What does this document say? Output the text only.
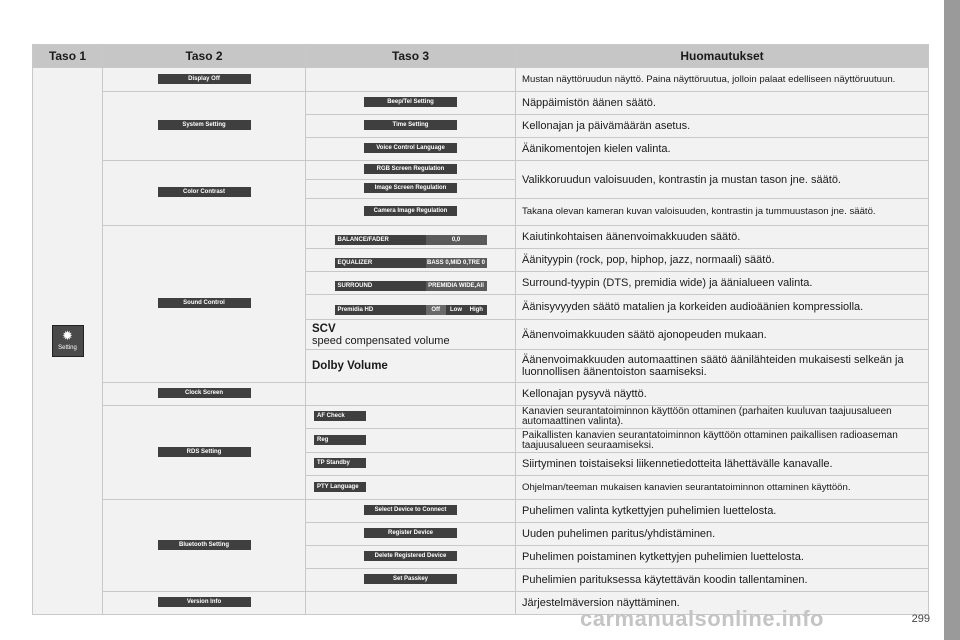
Taso 1	Taso 2	Taso 3	Huomautukset

✹
Setting	Display Off		Mustan näyttöruudun näyttö. Paina näyttöruutua, jolloin palaat edelliseen näyttöruutuun.
	System Setting	Beep/Tel Setting	Näppäimistön äänen säätö.
		Time Setting	Kellonajan ja päivämäärän asetus.
		Voice Control Language	Äänikomentojen kielen valinta.
	Color Contrast	RGB Screen Regulation	Valikkoruudun valoisuuden, kontrastin ja mustan tason jne. säätö.
		Image Screen Regulation	
		Camera Image Regulation	Takana olevan kameran kuvan valoisuuden, kontrastin ja tummuustason jne. säätö.
	Sound Control	BALANCE/FADER 0,0	Kaiutinkohtaisen äänenvoimakkuuden säätö.

		EQUALIZER BASS 0,MID 0,TRE 0	Äänityypin (rock, pop, hiphop, jazz, normaali) säätö.

		SURROUND PREMIDIA WIDE,All	Surround-tyypin (DTS, premidia wide) ja äänialueen valinta.

		Premidia HD Off Low High	Äänisyvyyden säätö matalien ja korkeiden audioäänien kompressiolla.
		SCV
speed compensated volume	Äänenvoimakkuuden säätö ajonopeuden mukaan.
		Dolby Volume	Äänenvoimakkuuden automaattinen säätö äänilähteiden mukaisesti selkeän ja luonnollisen äänentoiston saamiseksi.
	Clock Screen		Kellonajan pysyvä näyttö.
	RDS Setting	AF Check	Kanavien seurantatoiminnon käyttöön ottaminen (parhaiten kuuluvan taajuusalueen automaattinen valinta).
		Reg	Paikallisten kanavien seurantatoiminnon käyttöön ottaminen paikallisen radioaseman taajuusalueen seuraamiseksi.
		TP Standby	Siirtyminen toistaiseksi liikennetiedotteita lähettävälle kanavalle.
		PTY Language	Ohjelman/teeman mukaisen kanavien seurantatoiminnon ottaminen käyttöön.
	Bluetooth Setting	Select Device to Connect	Puhelimen valinta kytkettyjen puhelimien luettelosta.
		Register Device	Uuden puhelimen paritus/yhdistäminen.
		Delete Registered Device	Puhelimen poistaminen kytkettyjen puhelimien luettelosta.
		Set Passkey	Puhelimien parituksessa käytettävän koodin tallentaminen.
	Version Info		Järjestelmäversion näyttäminen.
carmanualsonline.info	299
